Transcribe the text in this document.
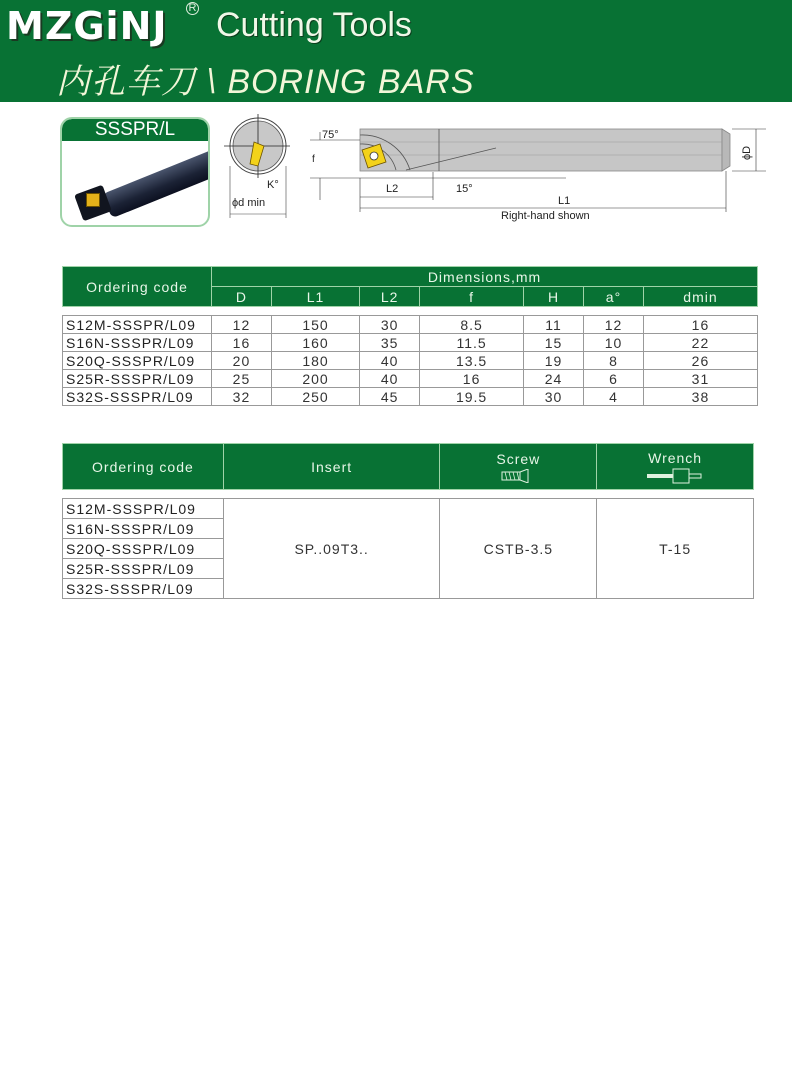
MZGiNJ R Cutting Tools
内孔车刀 \ BORING BARS
SSSPR/L
K°
ϕd min
75°
f
L2	15°
L1
Right-hand shown
ϕD
Ordering code	Dimensions,mm						
	D	L1	L2	f	H	a°	dmin

S12M-SSSPR/L09	12	150	30	8.5	11	12	16
S16N-SSSPR/L09	16	160	35	11.5	15	10	22
S20Q-SSSPR/L09	20	180	40	13.5	19	8	26
S25R-SSSPR/L09	25	200	40	16	24	6	31
S32S-SSSPR/L09	32	250	45	19.5	30	4	38
Ordering code	Insert	Screw	Wrench

S12M-SSSPR/L09	SP..09T3..	CSTB-3.5	T-15
S16N-SSSPR/L09			
S20Q-SSSPR/L09			
S25R-SSSPR/L09			
S32S-SSSPR/L09			
